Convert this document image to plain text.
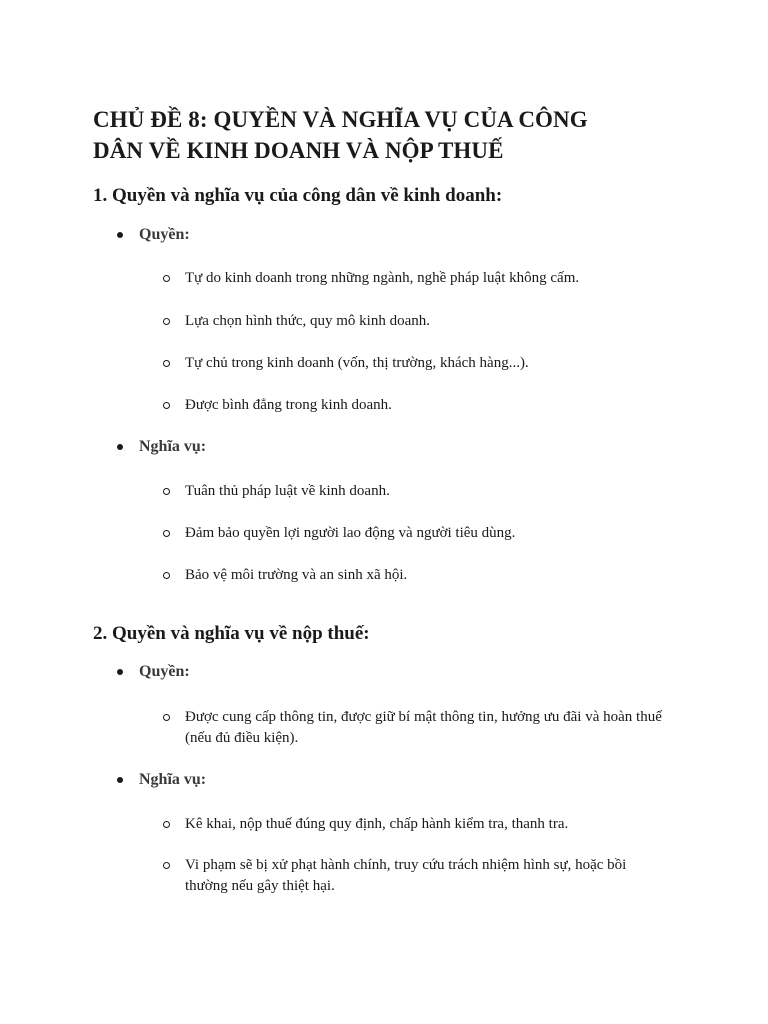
CHỦ ĐỀ 8: QUYỀN VÀ NGHĨA VỤ CỦA CÔNG
DÂN VỀ KINH DOANH VÀ NỘP THUẾ
1. Quyền và nghĩa vụ của công dân về kinh doanh:
Quyền:
Tự do kinh doanh trong những ngành, nghề pháp luật không cấm.
Lựa chọn hình thức, quy mô kinh doanh.
Tự chủ trong kinh doanh (vốn, thị trường, khách hàng...).
Được bình đẳng trong kinh doanh.
Nghĩa vụ:
Tuân thủ pháp luật về kinh doanh.
Đảm bảo quyền lợi người lao động và người tiêu dùng.
Bảo vệ môi trường và an sinh xã hội.
2. Quyền và nghĩa vụ về nộp thuế:
Quyền:
Được cung cấp thông tin, được giữ bí mật thông tin, hưởng ưu đãi và hoàn thuế (nếu đủ điều kiện).
Nghĩa vụ:
Kê khai, nộp thuế đúng quy định, chấp hành kiểm tra, thanh tra.
Vi phạm sẽ bị xử phạt hành chính, truy cứu trách nhiệm hình sự, hoặc bồi thường nếu gây thiệt hại.
